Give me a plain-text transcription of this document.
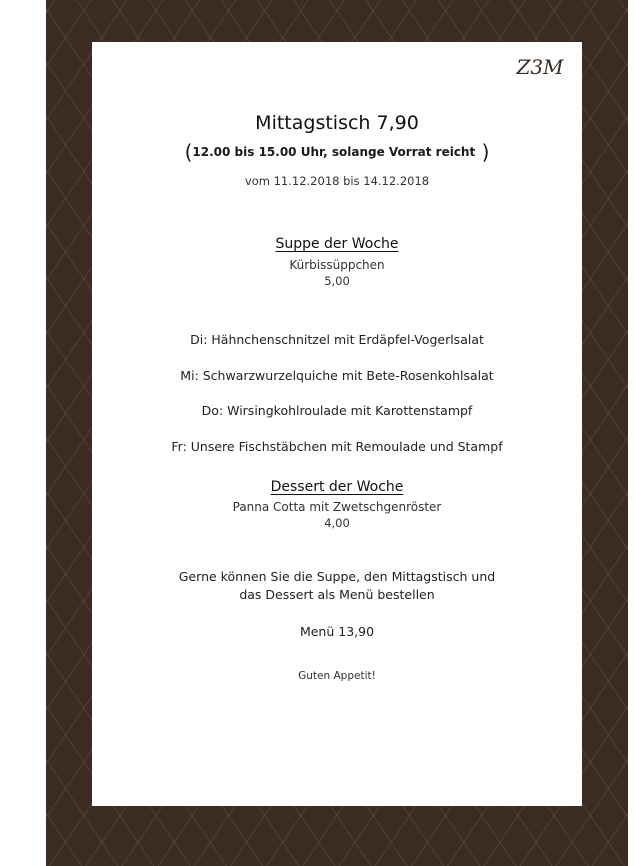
Z3M
Mittagstisch 7,90
(12.00 bis 15.00 Uhr, solange Vorrat reicht )
vom 11.12.2018 bis 14.12.2018
Suppe der Woche
Kürbissüppchen
5,00
Di: Hähnchenschnitzel mit Erdäpfel-Vogerlsalat
Mi: Schwarzwurzelquiche mit Bete-Rosenkohlsalat
Do: Wirsingkohlroulade mit Karottenstampf
Fr: Unsere Fischstäbchen mit Remoulade und Stampf
Dessert der Woche
Panna Cotta mit Zwetschgenröster
4,00
Gerne können Sie die Suppe, den Mittagstisch und
das Dessert als Menü bestellen
Menü 13,90
Guten Appetit!
